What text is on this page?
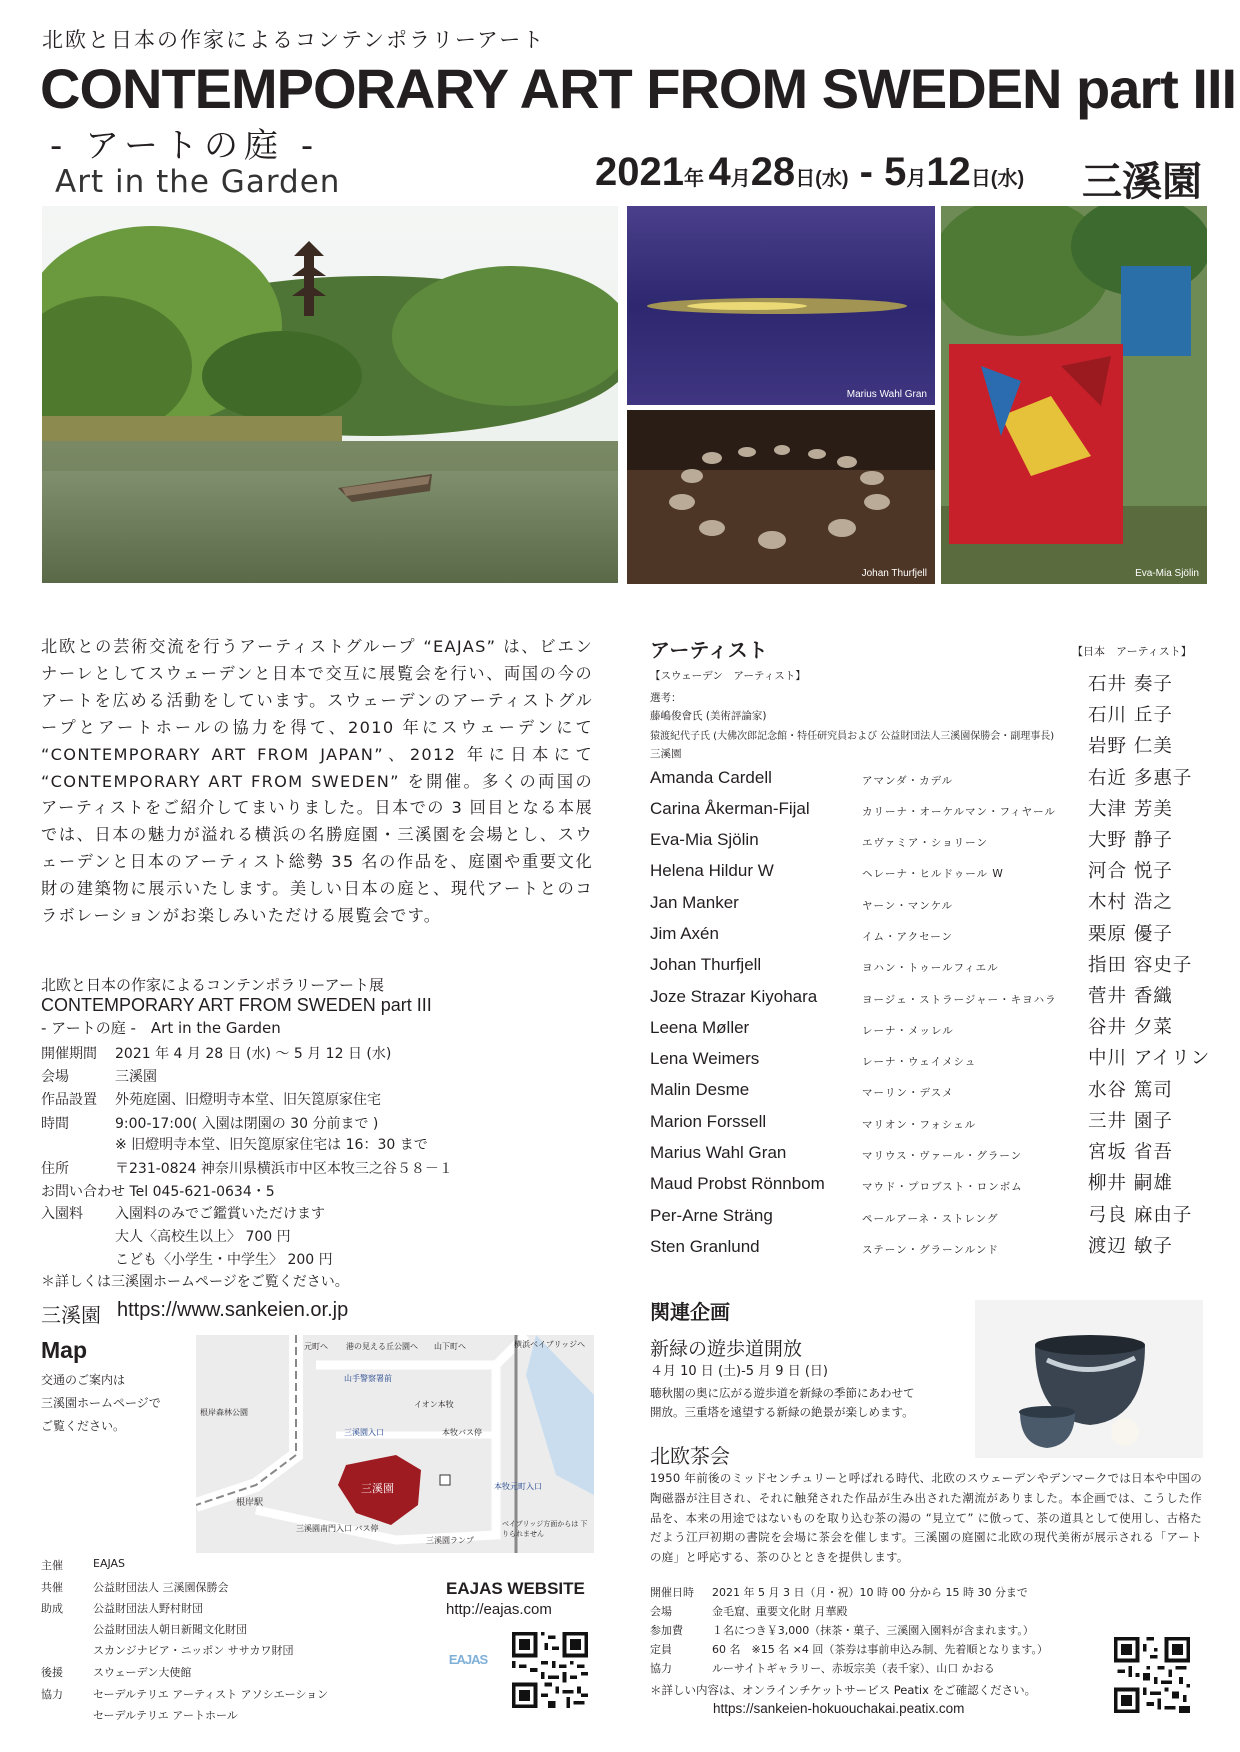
北欧と日本の作家によるコンテンポラリーアート
CONTEMPORARY ART FROM SWEDEN part III
- アートの庭 -
Art in the Garden	2021年 4月28日(水) - 5月12日(水) 三溪園
Marius Wahl Gran
Johan Thurfjell	Eva-Mia Sjölin
北欧との芸術交流を行うアーティストグループ “EAJAS” は、ビエンナーレとしてスウェーデンと日本で交互に展覧会を行い、両国の今のアートを広める活動をしています。スウェーデンのアーティストグループとアートホールの協力を得て、2010 年にスウェーデンにて “CONTEMPORARY ART FROM JAPAN”、2012 年に日本にて “CONTEMPORARY ART FROM SWEDEN” を開催。多くの両国のアーティストをご紹介してまいりました。日本での 3 回目となる本展では、日本の魅力が溢れる横浜の名勝庭園・三溪園を会場とし、スウェーデンと日本のアーティスト総勢 35 名の作品を、庭園や重要文化財の建築物に展示いたします。美しい日本の庭と、現代アートとのコラボレーションがお楽しみいただける展覧会です。
北欧と日本の作家によるコンテンポラリーアート展
CONTEMPORARY ART FROM SWEDEN part III
- アートの庭 -　Art in the Garden
開催期間 2021 年 4 月 28 日 (水) ～ 5 月 12 日 (水)
会場	三溪園
作品設置 外苑庭園、旧燈明寺本堂、旧矢箆原家住宅
時間	9:00-17:00( 入園は閉園の 30 分前まで )
※ 旧燈明寺本堂、旧矢箆原家住宅は 16：30 まで
住所	〒231-0824 神奈川県横浜市中区本牧三之谷５８－１
お問い合わせ Tel 045-621-0634・5
入園料 入園料のみでご鑑賞いただけます
大人〈高校生以上〉 700 円
こども〈小学生・中学生〉 200 円
＊詳しくは三溪園ホームページをご覧ください。
三溪園 https://www.sankeien.or.jp
Map
交通のご案内は
三溪園ホームページで
ご覧ください。
三溪園
港の見える丘公園へ
元町へ	山下町へ	横浜ベイブリッジへ
山手警察署前
根岸森林公園
イオン本牧
三溪園入口	本牧バス停
根岸駅
本牧元町入口
三溪園南門入口 バス停
三溪園ランプ
ベイブリッジ方面からは 下りられません
主催	EAJAS
共催	公益財団法人 三溪園保勝会
助成	公益財団法人野村財団
公益財団法人朝日新聞文化財団
スカンジナビア・ニッポン ササカワ財団
後援	スウェーデン大使館
協力	セーデルテリエ アーティスト アソシエーション
セーデルテリエ アートホール
EAJAS WEBSITE
http://eajas.com
EAJAS
アーティスト	【日本　アーティスト】
【スウェーデン　アーティスト】
選考：
藤嶋俊會氏 (美術評論家)
猿渡紀代子氏 (大佛次郎記念館・特任研究員および 公益財団法人三溪園保勝会・副理事長)
三溪園
Amanda Cardell	アマンダ・カデル
Carina Åkerman-Fijal	カリーナ・オーケルマン・フィヤール
Eva-Mia Sjölin	エヴァミア・ショリーン
Helena Hildur W	ヘレーナ・ヒルドゥール W
Jan Manker	ヤーン・マンケル
Jim Axén	イム・アクセーン
Johan Thurfjell	ヨハン・トゥールフィエル
Joze Strazar Kiyohara	ヨージェ・ストラージャー・キヨハラ
Leena Møller	レーナ・メッレル
Lena Weimers	レーナ・ウェイメシュ
Malin Desme	マーリン・デスメ
Marion Forssell	マリオン・フォシェル
Marius Wahl Gran	マリウス・ヴァール・グラーン
Maud Probst Rönnbom	マウド・プロブスト・ロンボム
Per-Arne Sträng	ペールアーネ・ストレング
Sten Granlund	ステーン・グラーンルンド
石井 奏子
石川 丘子
岩野 仁美
右近 多惠子
大津 芳美
大野 静子
河合 悦子
木村 浩之
栗原 優子
指田 容史子
菅井 香織
谷井 夕菜
中川 アイリン
水谷 篤司
三井 園子
宮坂 省吾
柳井 嗣雄
弓良 麻由子
渡辺 敏子
関連企画
新緑の遊歩道開放
４月 10 日 (土)-5 月 9 日 (日)
聴秋閣の奥に広がる遊歩道を新緑の季節にあわせて
開放。三重塔を遠望する新緑の絶景が楽しめます。
北欧茶会
1950 年前後のミッドセンチュリーと呼ばれる時代、北欧のスウェーデンやデンマークでは日本や中国の陶磁器が注目され、それに触発された作品が生み出された潮流がありました。本企画では、こうした作品を、本来の用途ではないものを取り込む茶の湯の “見立て” に倣って、茶の道具として使用し、古格ただよう江戸初期の書院を会場に茶会を催します。三溪園の庭園に北欧の現代美術が展示される「アートの庭」と呼応する、茶のひとときを提供します。
開催日時 2021 年 5 月 3 日（月・祝）10 時 00 分から 15 時 30 分まで
会場	金毛窟、重要文化財 月華殿
参加費	１名につき￥3,000（抹茶・菓子、三溪園入園料が含まれます。）
定員	60 名　※15 名 ×4 回（茶券は事前申込み制、先着順となります。）
協力	ルーサイトギャラリー、赤坂宗美（表千家）、山口 かおる
＊詳しい内容は、オンラインチケットサービス Peatix をご確認ください。
https://sankeien-hokuouchakai.peatix.com
